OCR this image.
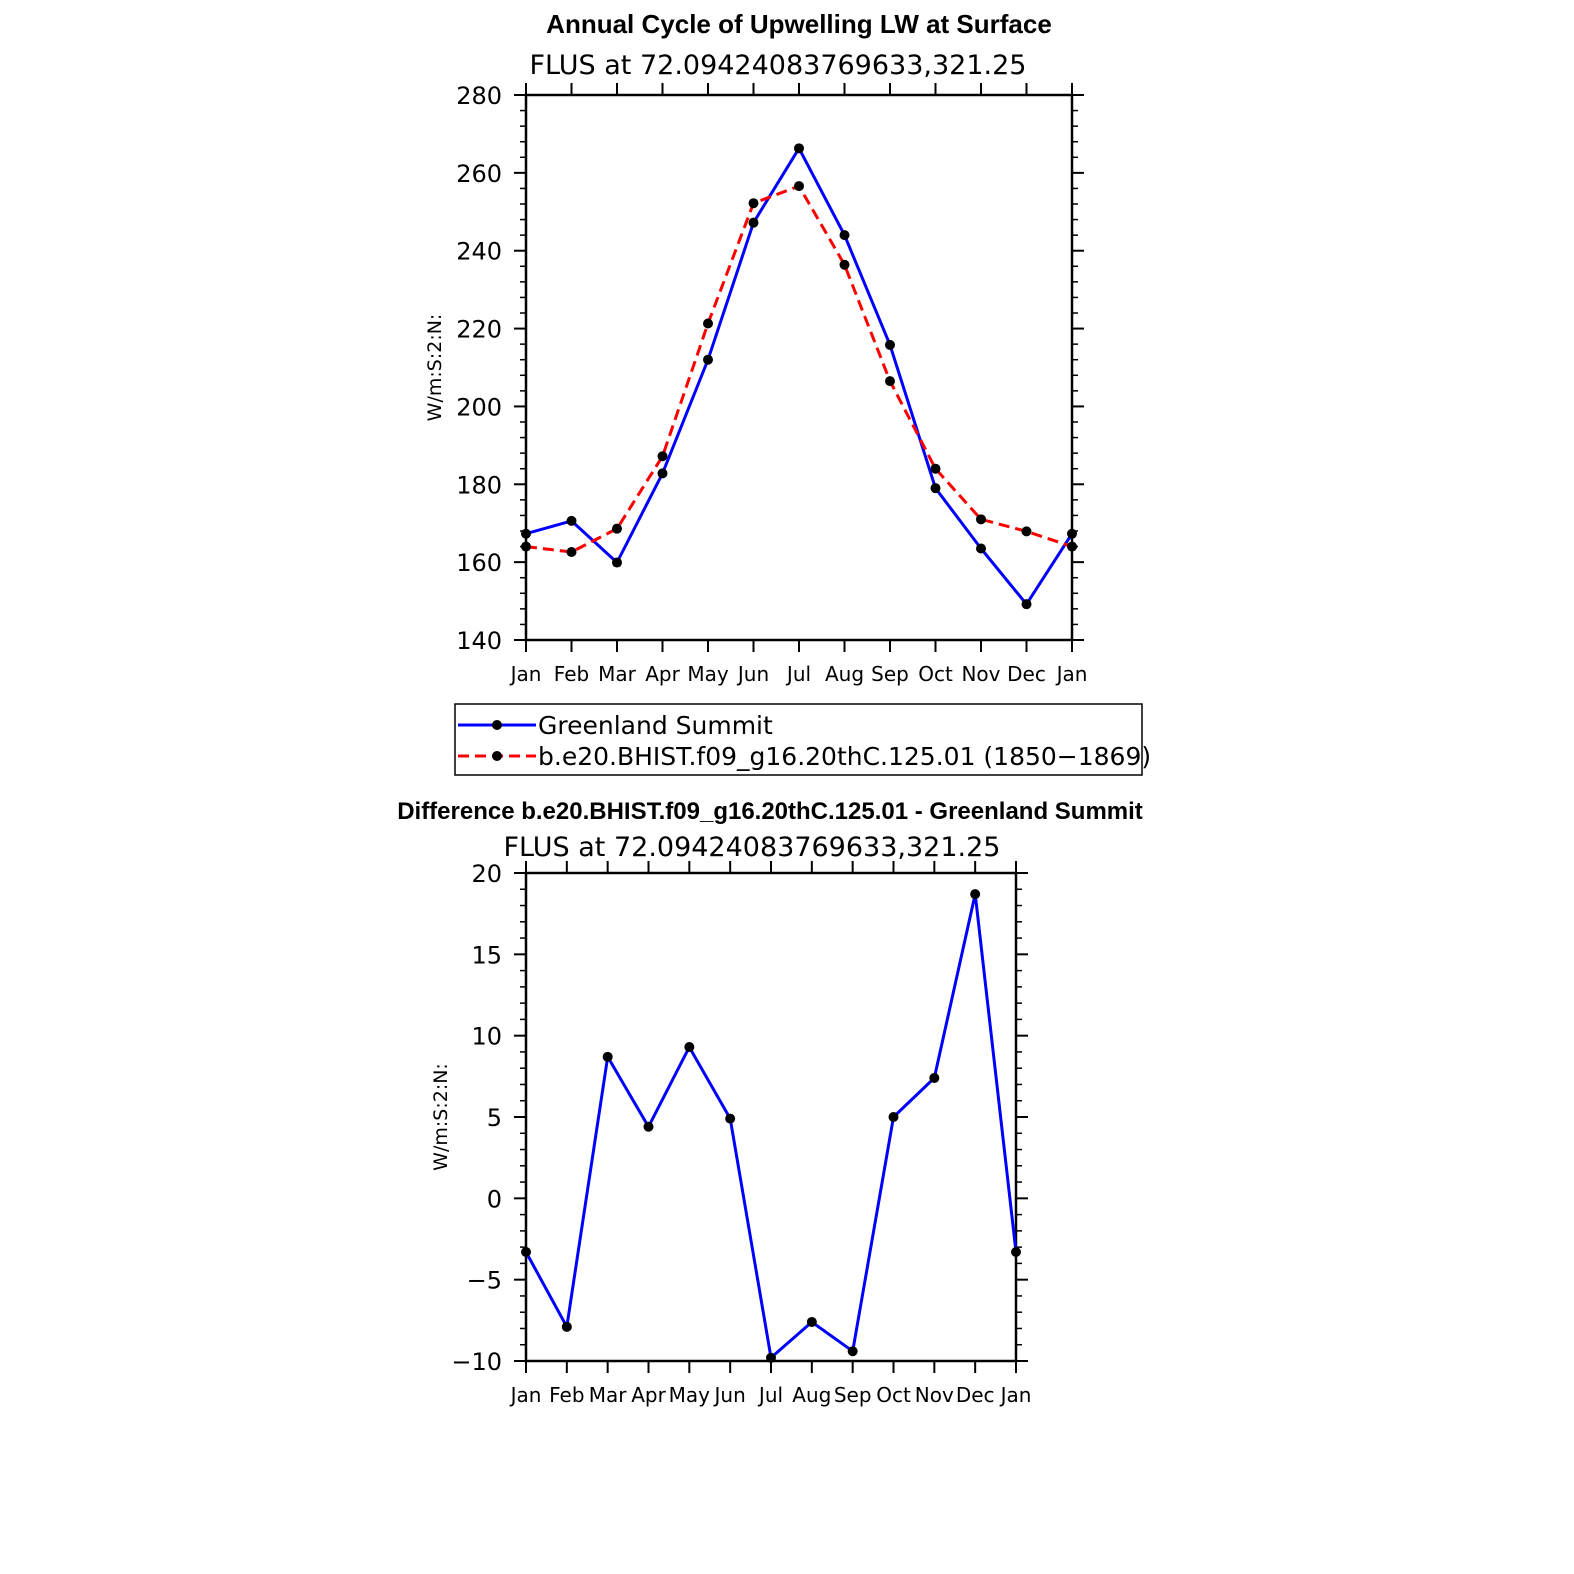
Annual Cycle of Upwelling LW at Surface
FLUS at 72.09424083769633,321.25
W/m:S:2:N:
140
160
180
200
220
240
260
280
Jan Feb Mar Apr May Jun Jul Aug Sep Oct Nov Dec Jan
Greenland Summit
b.e20.BHIST.f09_g16.20thC.125.01 (1850−1869)
Difference b.e20.BHIST.f09_g16.20thC.125.01 - Greenland Summit
FLUS at 72.09424083769633,321.25
W/m:S:2:N:
−10
−5
0
5
10
15
20
Jan Feb Mar Apr May Jun Jul Aug Sep Oct Nov Dec Jan
